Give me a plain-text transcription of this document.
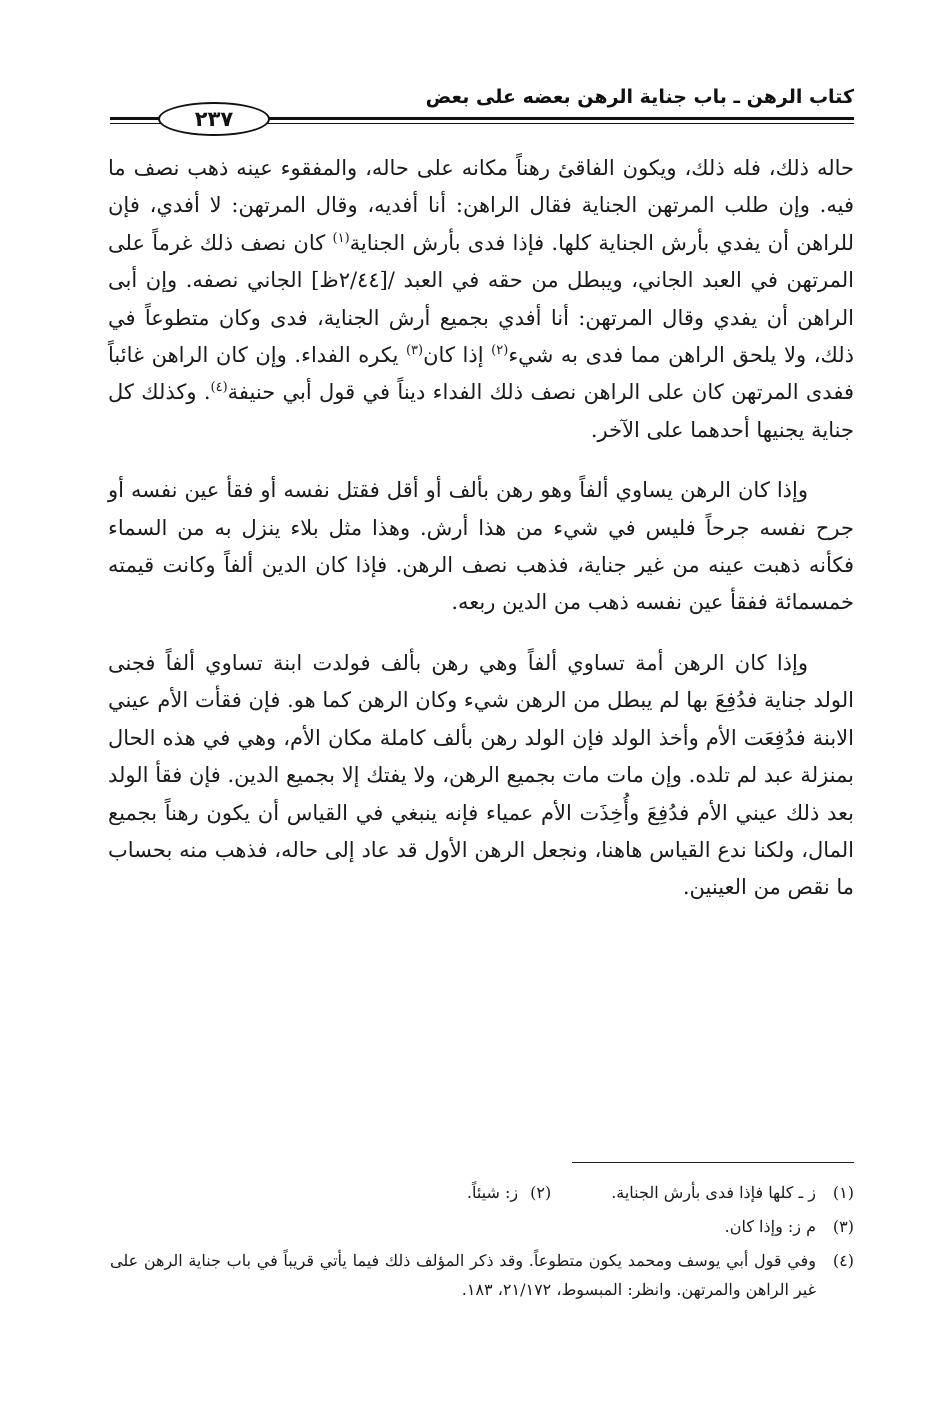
كتاب الرهن ـ باب جناية الرهن بعضه على بعض
٢٣٧

حاله ذلك، فله ذلك، ويكون الفاقئ رهناً مكانه على حاله، والمفقوء عينه ذهب نصف ما فيه. وإن طلب المرتهن الجناية فقال الراهن: أنا أفديه، وقال المرتهن: لا أفدي، فإن للراهن أن يفدي بأرش الجناية كلها. فإذا فدى بأرش الجناية$^{(١)}$ كان نصف ذلك غرماً على المرتهن في العبد الجاني، ويبطل من حقه في العبد /[٢/٤٤ظ] الجاني نصفه. وإن أبى الراهن أن يفدي وقال المرتهن: أنا أفدي بجميع أرش الجناية، فدى وكان متطوعاً في ذلك، ولا يلحق الراهن مما فدى به شيء$^{(٢)}$ إذا كان$^{(٣)}$ يكره الفداء. وإن كان الراهن غائباً ففدى المرتهن كان على الراهن نصف ذلك الفداء ديناً في قول أبي حنيفة$^{(٤)}$. وكذلك كل جناية يجنيها أحدهما على الآخر.

وإذا كان الرهن يساوي ألفاً وهو رهن بألف أو أقل فقتل نفسه أو فقأ عين نفسه أو جرح نفسه جرحاً فليس في شيء من هذا أرش. وهذا مثل بلاء ينزل به من السماء فكأنه ذهبت عينه من غير جناية، فذهب نصف الرهن. فإذا كان الدين ألفاً وكانت قيمته خمسمائة ففقأ عين نفسه ذهب من الدين ربعه.

وإذا كان الرهن أمة تساوي ألفاً وهي رهن بألف فولدت ابنة تساوي ألفاً فجنى الولد جناية فدُفِعَ بها لم يبطل من الرهن شيء وكان الرهن كما هو. فإن فقأت الأم عيني الابنة فدُفِعَت الأم وأخذ الولد فإن الولد رهن بألف كاملة مكان الأم، وهي في هذه الحال بمنزلة عبد لم تلده. وإن مات مات بجميع الرهن، ولا يفتك إلا بجميع الدين. فإن فقأ الولد بعد ذلك عيني الأم فدُفِعَ وأُخِذَت الأم عمياء فإنه ينبغي في القياس أن يكون رهناً بجميع المال، ولكنا ندع القياس هاهنا، ونجعل الرهن الأول قد عاد إلى حاله، فذهب منه بحساب ما نقص من العينين.

(١)
ز ـ كلها فإذا فدى بأرش الجناية.
(٢)
ز: شيئاً.
(٣)
م ز: وإذا كان.
(٤)
وفي قول أبي يوسف ومحمد يكون متطوعاً. وقد ذكر المؤلف ذلك فيما يأتي قريباً في باب جناية الرهن على غير الراهن والمرتهن. وانظر: المبسوط، ٢١/١٧٢، ١٨٣.
